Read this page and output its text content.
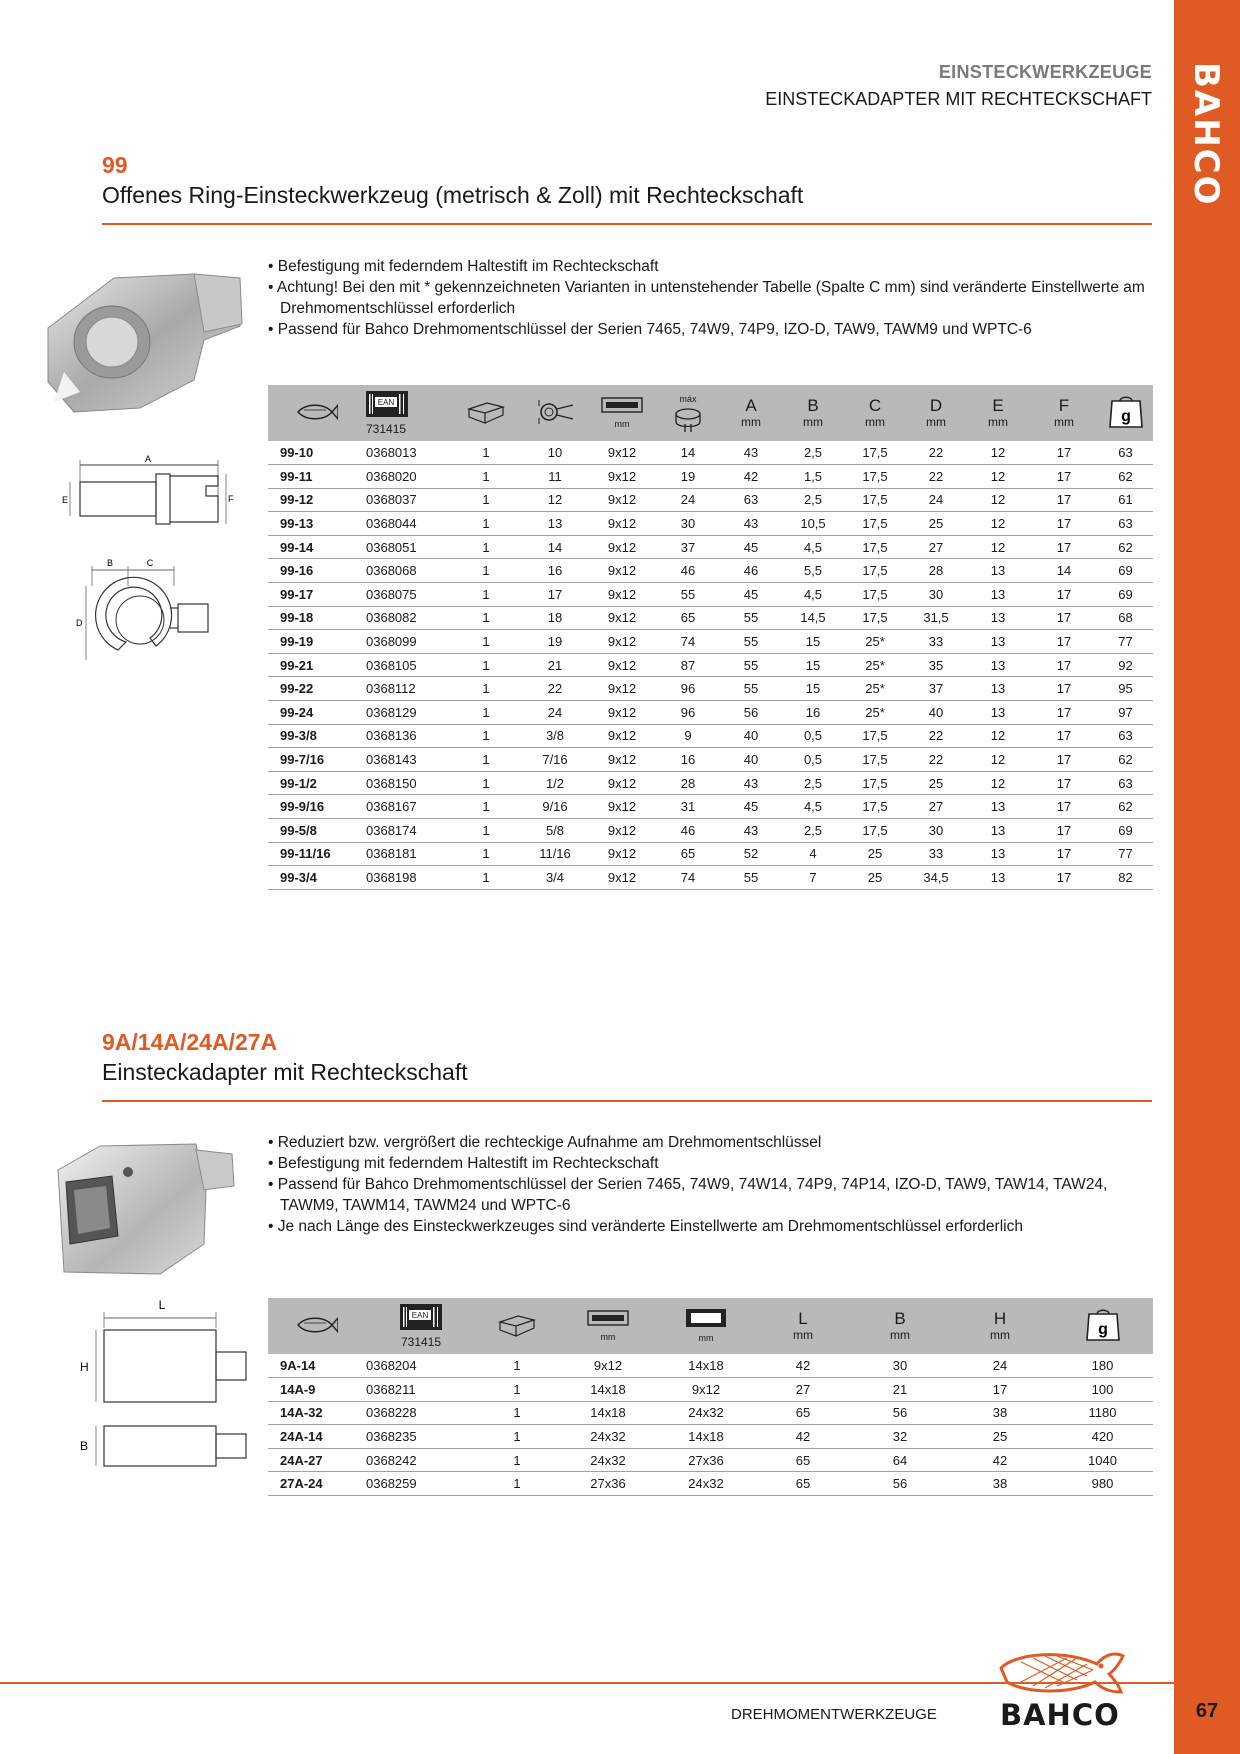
BAHCO
67
EINSTECKWERKZEUGE
EINSTECKADAPTER MIT RECHTECKSCHAFT
99
Offenes Ring-Einsteckwerkzeug (metrisch & Zoll) mit Rechteckschaft
A
E	F
B	C
D
• Befestigung mit federndem Haltestift im Rechteckschaft
• Achtung! Bei den mit * gekennzeichneten Varianten in untenstehender Tabelle (Spalte C mm) sind veränderte Einstellwerte am Drehmomentschlüssel erforderlich
• Passend für Bahco Drehmomentschlüssel der Serien 7465, 74W9, 74P9, IZO-D, TAW9, TAWM9 und WPTC-6

EAN
731415			mm	máx	A
mm	B
mm	C
mm	D
mm	E
mm	F
mm	g

99-10	0368013	1	10	9x12	14	43	2,5	17,5	22	12	17	63
99-11	0368020	1	11	9x12	19	42	1,5	17,5	22	12	17	62
99-12	0368037	1	12	9x12	24	63	2,5	17,5	24	12	17	61
99-13	0368044	1	13	9x12	30	43	10,5	17,5	25	12	17	63
99-14	0368051	1	14	9x12	37	45	4,5	17,5	27	12	17	62
99-16	0368068	1	16	9x12	46	46	5,5	17,5	28	13	14	69
99-17	0368075	1	17	9x12	55	45	4,5	17,5	30	13	17	69
99-18	0368082	1	18	9x12	65	55	14,5	17,5	31,5	13	17	68
99-19	0368099	1	19	9x12	74	55	15	25*	33	13	17	77
99-21	0368105	1	21	9x12	87	55	15	25*	35	13	17	92
99-22	0368112	1	22	9x12	96	55	15	25*	37	13	17	95
99-24	0368129	1	24	9x12	96	56	16	25*	40	13	17	97
99-3/8	0368136	1	3/8	9x12	9	40	0,5	17,5	22	12	17	63
99-7/16	0368143	1	7/16	9x12	16	40	0,5	17,5	22	12	17	62
99-1/2	0368150	1	1/2	9x12	28	43	2,5	17,5	25	12	17	63
99-9/16	0368167	1	9/16	9x12	31	45	4,5	17,5	27	13	17	62
99-5/8	0368174	1	5/8	9x12	46	43	2,5	17,5	30	13	17	69
99-11/16	0368181	1	11/16	9x12	65	52	4	25	33	13	17	77
99-3/4	0368198	1	3/4	9x12	74	55	7	25	34,5	13	17	82
9A/14A/24A/27A
Einsteckadapter mit Rechteckschaft
L
H
B
• Reduziert bzw. vergrößert die rechteckige Aufnahme am Drehmomentschlüssel
• Befestigung mit federndem Haltestift im Rechteckschaft
• Passend für Bahco Drehmomentschlüssel der Serien 7465, 74W9, 74W14, 74P9, 74P14, IZO-D, TAW9, TAW14, TAW24, TAWM9, TAWM14, TAWM24 und WPTC-6
• Je nach Länge des Einsteckwerkzeuges sind veränderte Einstellwerte am Drehmomentschlüssel erforderlich

EAN
731415		mm	mm	L
mm	B
mm	H
mm	g

9A-14	0368204	1	9x12	14x18	42	30	24	180
14A-9	0368211	1	14x18	9x12	27	21	17	100
14A-32	0368228	1	14x18	24x32	65	56	38	1180
24A-14	0368235	1	24x32	14x18	42	32	25	420
24A-27	0368242	1	24x32	27x36	65	64	42	1040
27A-24	0368259	1	27x36	24x32	65	56	38	980
DREHMOMENTWERKZEUGE BAHCO
